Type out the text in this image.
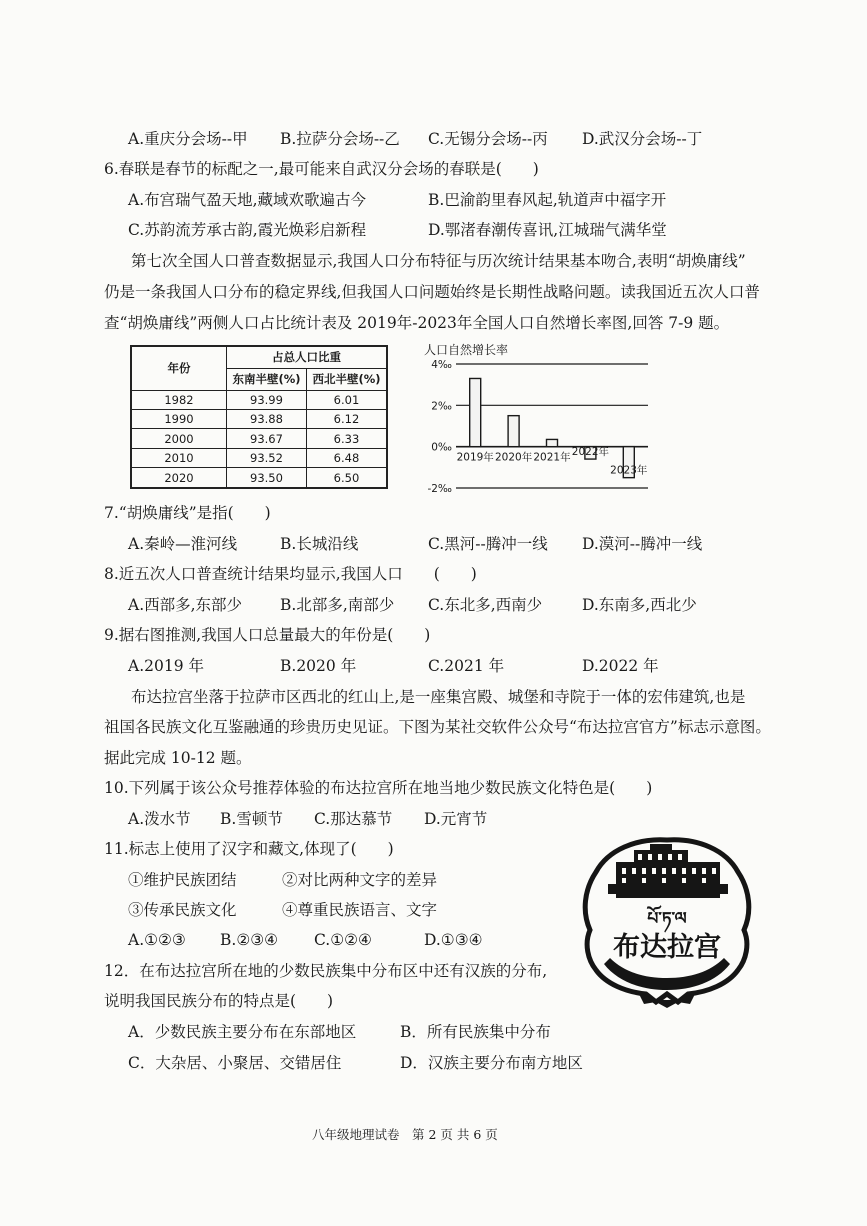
A.重庆分会场--甲 B.拉萨分会场--乙 C.无锡分会场--丙 D.武汉分会场--丁
6.春联是春节的标配之一,最可能来自武汉分会场的春联是(　　)
A.布宫瑞气盈天地,藏域欢歌遍古今	B.巴渝韵里春风起,轨道声中福字开
C.苏韵流芳承古韵,霞光焕彩启新程	D.鄂渚春潮传喜讯,江城瑞气满华堂
第七次全国人口普查数据显示,我国人口分布特征与历次统计结果基本吻合,表明“胡焕庸线”
仍是一条我国人口分布的稳定界线,但我国人口问题始终是长期性战略问题。读我国近五次人口普
查“胡焕庸线”两侧人口占比统计表及 2019年-2023年全国人口自然增长率图,回答 7-9 题。
年份	占总人口比重	
	东南半壁(%)	西北半壁(%)
1982	93.99	6.01
1990	93.88	6.12
2000	93.67	6.33
2010	93.52	6.48
2020	93.50	6.50
人口自然增长率
4‰
2‰
0‰
-2‰
2019年 2020年 2021年 2022年
2023年
7.“胡焕庸线”是指(　　)
A.秦岭—淮河线	B.长城沿线	C.黑河--腾冲一线 D.漠河--腾冲一线
8.近五次人口普查统计结果均显示,我国人口　　(　　)
A.西部多,东部少 B.北部多,南部少 C.东北多,西南少	D.东南多,西北少
9.据右图推测,我国人口总量最大的年份是(　　)
A.2019 年	B.2020 年	C.2021 年	D.2022 年
布达拉宫坐落于拉萨市区西北的红山上,是一座集宫殿、城堡和寺院于一体的宏伟建筑,也是
祖国各民族文化互鉴融通的珍贵历史见证。下图为某社交软件公众号“布达拉宫官方”标志示意图。
据此完成 10-12 题。
10.下列属于该公众号推荐体验的布达拉宫所在地当地少数民族文化特色是(　　)
A.泼水节 B.雪顿节 C.那达慕节 D.元宵节
11.标志上使用了汉字和藏文,体现了(　　)
①维护民族团结	②对比两种文字的差异
③传承民族文化	④尊重民族语言、文字
A.①②③ B.②③④ C.①②④	D.①③④
12．在布达拉宫所在地的少数民族集中分布区中还有汉族的分布,
说明我国民族分布的特点是(　　)
A．少数民族主要分布在东部地区	B．所有民族集中分布
C．大杂居、小聚居、交错居住	D．汉族主要分布南方地区
པོ་ཏ་ལ
布达拉宫
八年级地理试卷　第 2 页 共 6 页
